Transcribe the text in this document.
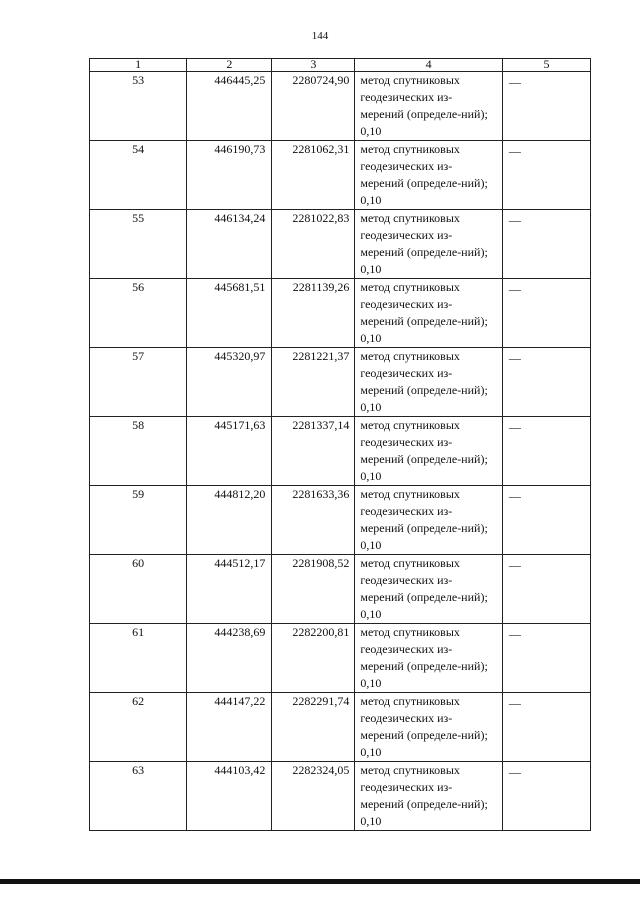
144
1	2	3	4	5
53	446445,25	2280724,90	метод спутниковых геодезических из-мерений (определе-ний); 0,10	—

54	446190,73	2281062,31	метод спутниковых геодезических из-мерений (определе-ний); 0,10	—

55	446134,24	2281022,83	метод спутниковых геодезических из-мерений (определе-ний); 0,10	—

56	445681,51	2281139,26	метод спутниковых геодезических из-мерений (определе-ний); 0,10	—

57	445320,97	2281221,37	метод спутниковых геодезических из-мерений (определе-ний); 0,10	—

58	445171,63	2281337,14	метод спутниковых геодезических из-мерений (определе-ний); 0,10	—

59	444812,20	2281633,36	метод спутниковых геодезических из-мерений (определе-ний); 0,10	—

60	444512,17	2281908,52	метод спутниковых геодезических из-мерений (определе-ний); 0,10	—

61	444238,69	2282200,81	метод спутниковых геодезических из-мерений (определе-ний); 0,10	—

62	444147,22	2282291,74	метод спутниковых геодезических из-мерений (определе-ний); 0,10	—

63	444103,42	2282324,05	метод спутниковых геодезических из-мерений (определе-ний); 0,10	—
